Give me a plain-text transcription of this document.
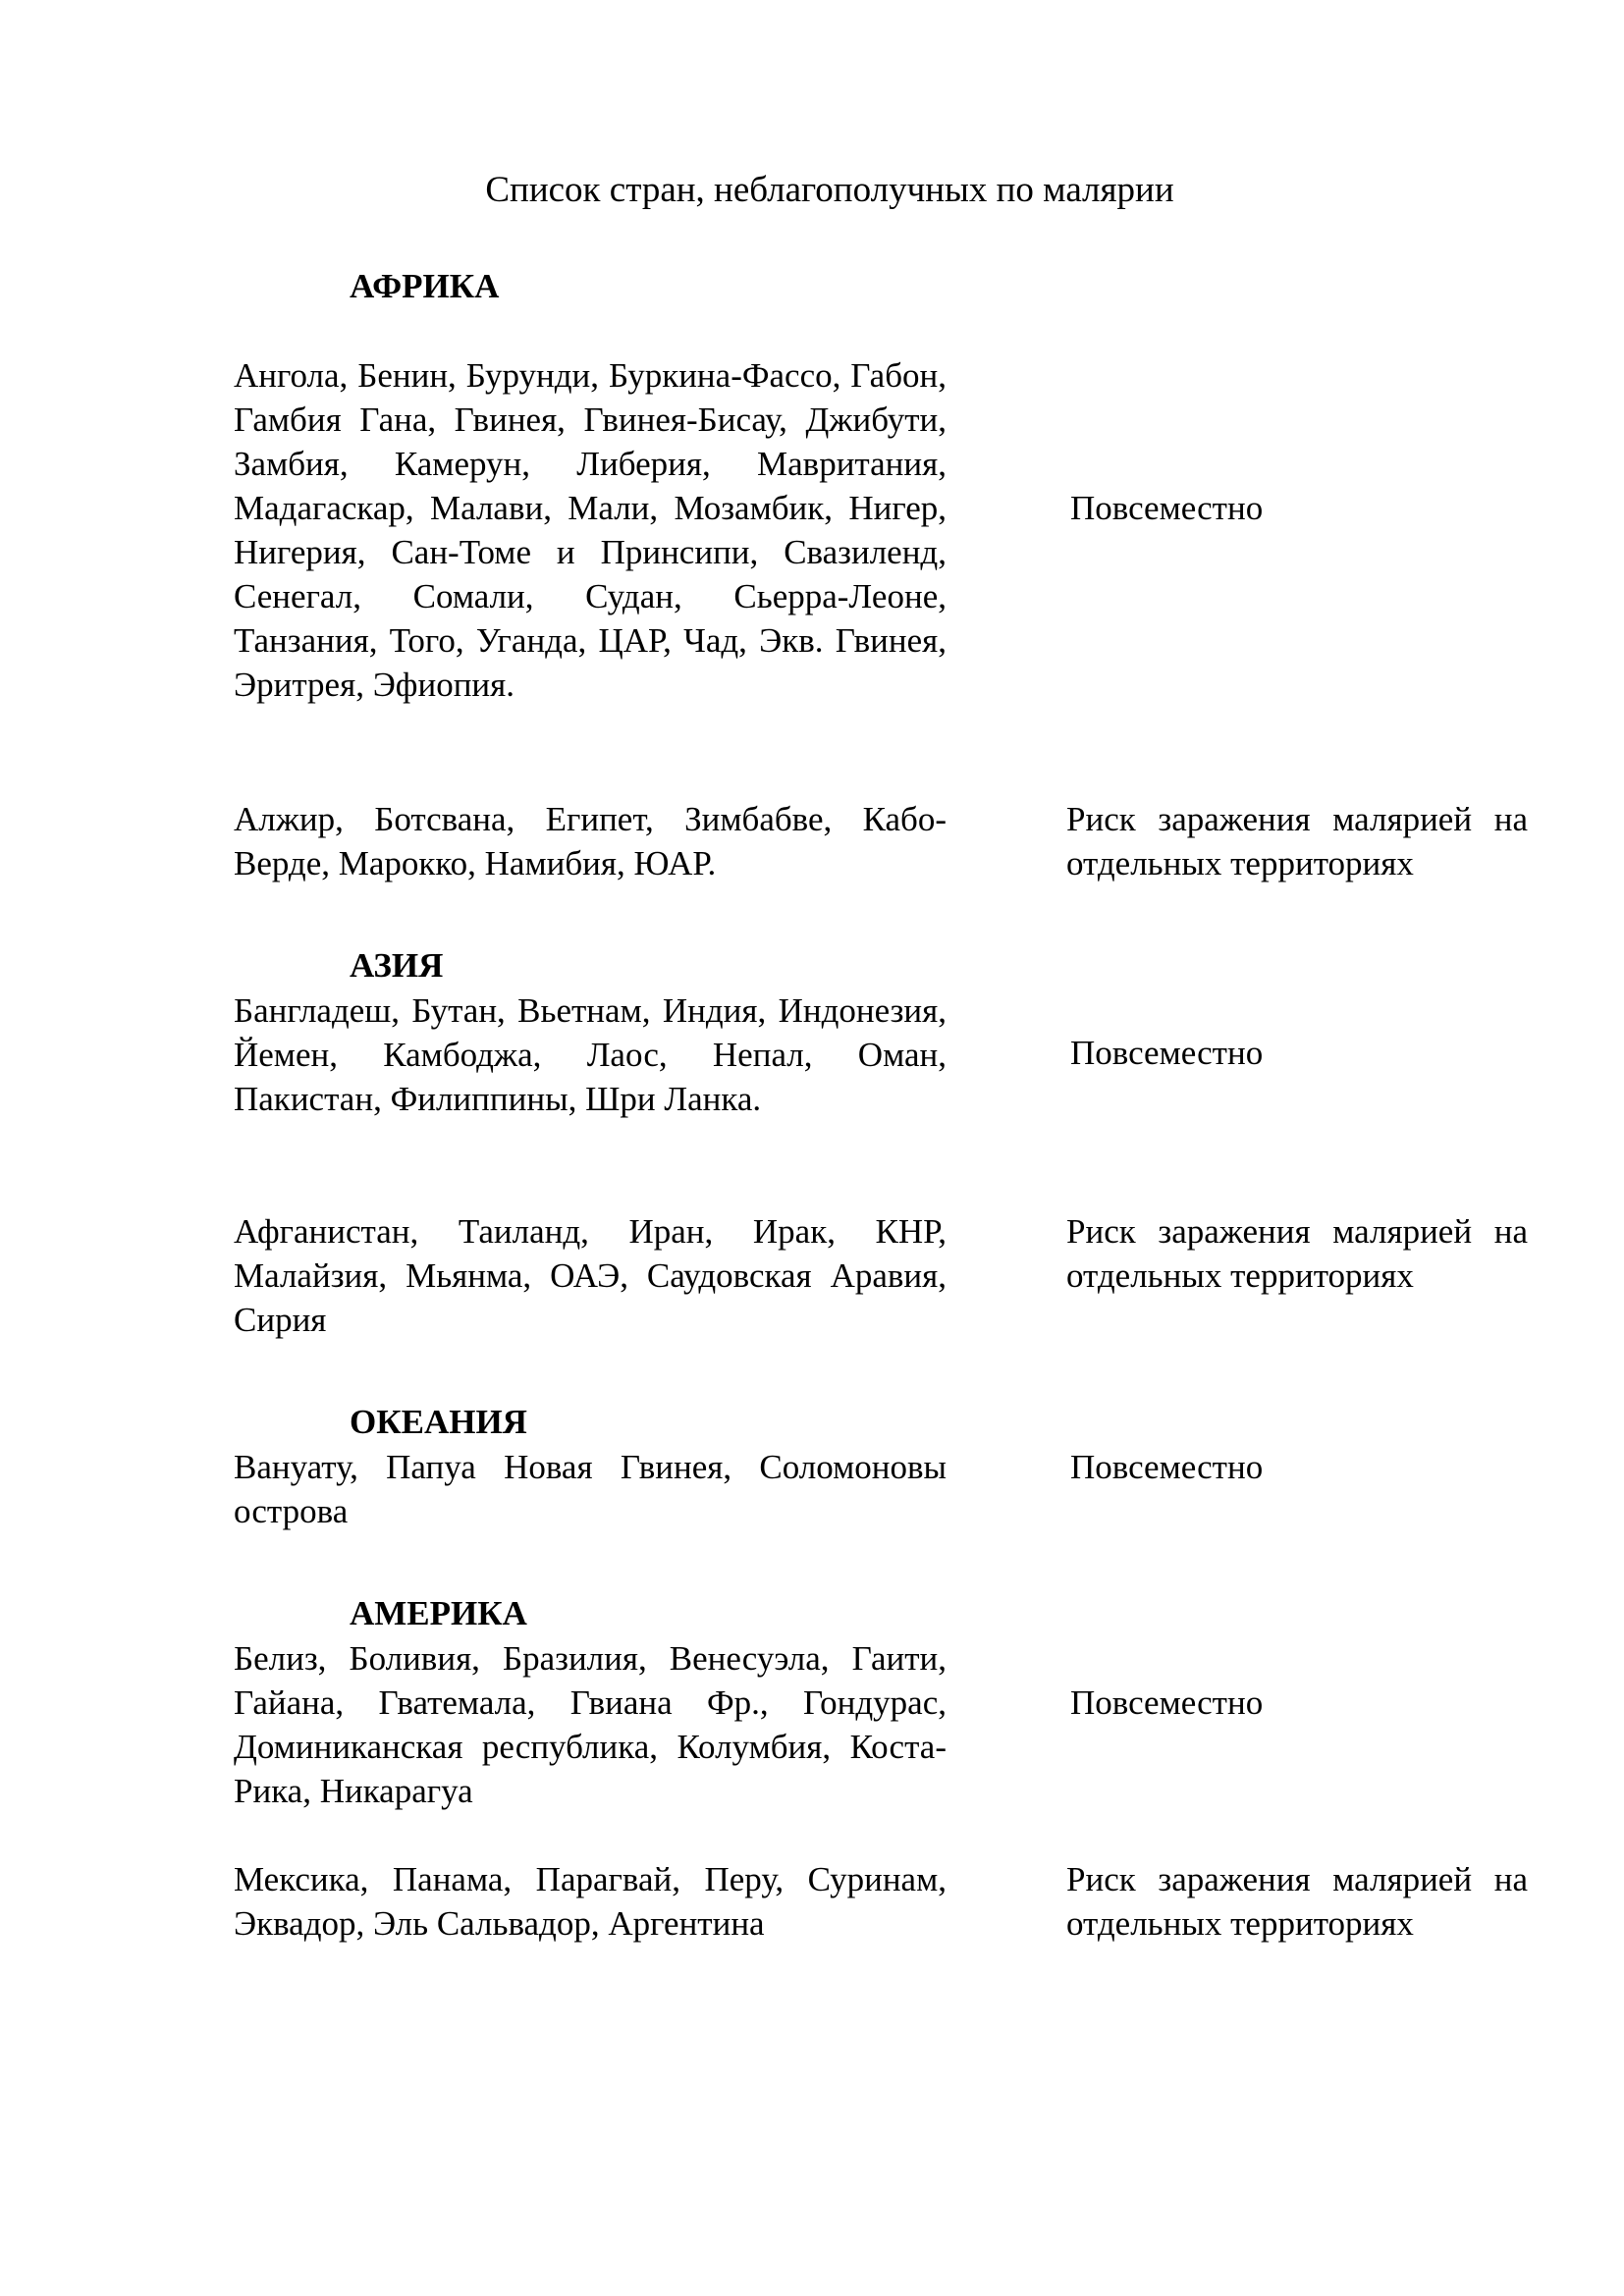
Список стран, неблагополучных по малярии
АФРИКА
Ангола, Бенин, Бурунди, Буркина-Фассо, Габон, Гамбия Гана, Гвинея, Гвинея-Бисау, Джибути, Замбия, Камерун, Либерия, Мавритания, Мадагаскар, Малави, Мали, Мозамбик, Нигер, Нигерия, Сан-Томе и Принсипи, Свазиленд, Сенегал, Сомали, Судан, Сьерра-Леоне, Танзания, Того, Уганда, ЦАР, Чад, Экв. Гвинея, Эритрея, Эфиопия.
Повсеместно
Алжир, Ботсвана, Египет, Зимбабве, Кабо-Верде, Марокко, Намибия, ЮАР.
Риск заражения малярией на отдельных территориях
АЗИЯ
Бангладеш, Бутан, Вьетнам, Индия, Индонезия, Йемен, Камбоджа, Лаос, Непал, Оман, Пакистан, Филиппины, Шри Ланка.
Повсеместно
Афганистан, Таиланд, Иран, Ирак, КНР, Малайзия, Мьянма, ОАЭ, Саудовская Аравия, Сирия
Риск заражения малярией на отдельных территориях
ОКЕАНИЯ
Вануату, Папуа Новая Гвинея, Соломоновы острова
Повсеместно
АМЕРИКА
Белиз, Боливия, Бразилия, Венесуэла, Гаити, Гайана, Гватемала, Гвиана Фр., Гондурас, Доминиканская республика, Колумбия, Коста-Рика, Никарагуа
Повсеместно
Мексика, Панама, Парагвай, Перу, Суринам, Эквадор, Эль Сальвадор, Аргентина
Риск заражения малярией на отдельных территориях
